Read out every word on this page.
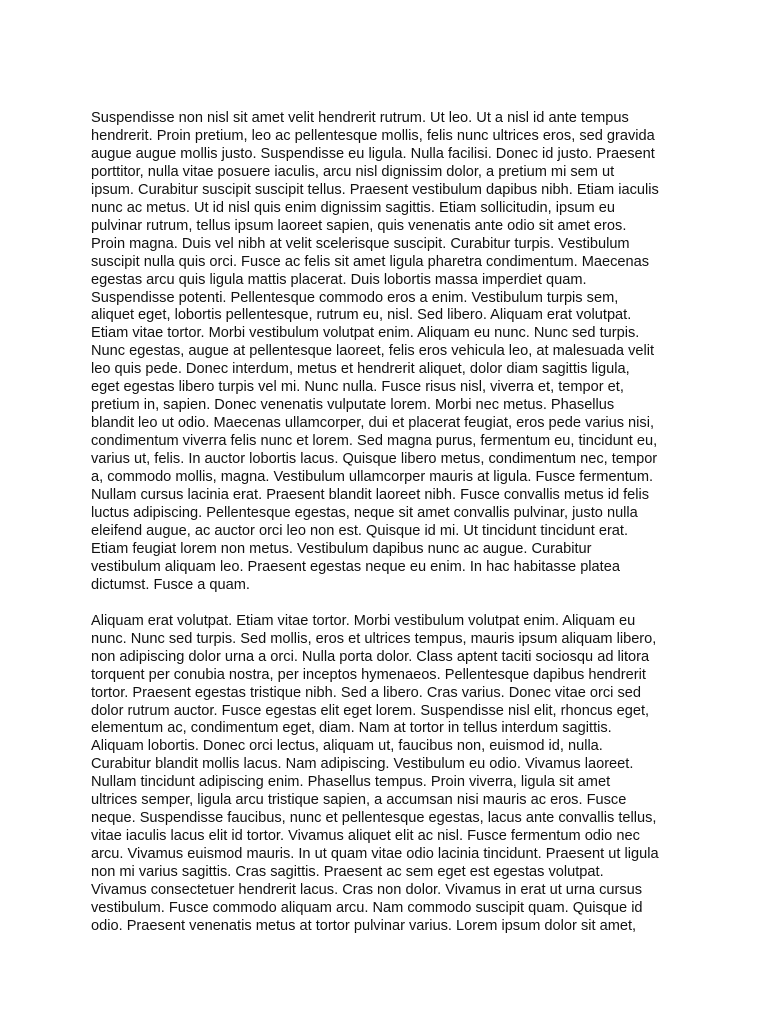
Suspendisse non nisl sit amet velit hendrerit rutrum. Ut leo. Ut a nisl id ante tempus
hendrerit. Proin pretium, leo ac pellentesque mollis, felis nunc ultrices eros, sed gravida
augue augue mollis justo. Suspendisse eu ligula. Nulla facilisi. Donec id justo. Praesent
porttitor, nulla vitae posuere iaculis, arcu nisl dignissim dolor, a pretium mi sem ut
ipsum. Curabitur suscipit suscipit tellus. Praesent vestibulum dapibus nibh. Etiam iaculis
nunc ac metus. Ut id nisl quis enim dignissim sagittis. Etiam sollicitudin, ipsum eu
pulvinar rutrum, tellus ipsum laoreet sapien, quis venenatis ante odio sit amet eros.
Proin magna. Duis vel nibh at velit scelerisque suscipit. Curabitur turpis. Vestibulum
suscipit nulla quis orci. Fusce ac felis sit amet ligula pharetra condimentum. Maecenas
egestas arcu quis ligula mattis placerat. Duis lobortis massa imperdiet quam.
Suspendisse potenti. Pellentesque commodo eros a enim. Vestibulum turpis sem,
aliquet eget, lobortis pellentesque, rutrum eu, nisl. Sed libero. Aliquam erat volutpat.
Etiam vitae tortor. Morbi vestibulum volutpat enim. Aliquam eu nunc. Nunc sed turpis.
Nunc egestas, augue at pellentesque laoreet, felis eros vehicula leo, at malesuada velit
leo quis pede. Donec interdum, metus et hendrerit aliquet, dolor diam sagittis ligula,
eget egestas libero turpis vel mi. Nunc nulla. Fusce risus nisl, viverra et, tempor et,
pretium in, sapien. Donec venenatis vulputate lorem. Morbi nec metus. Phasellus
blandit leo ut odio. Maecenas ullamcorper, dui et placerat feugiat, eros pede varius nisi,
condimentum viverra felis nunc et lorem. Sed magna purus, fermentum eu, tincidunt eu,
varius ut, felis. In auctor lobortis lacus. Quisque libero metus, condimentum nec, tempor
a, commodo mollis, magna. Vestibulum ullamcorper mauris at ligula. Fusce fermentum.
Nullam cursus lacinia erat. Praesent blandit laoreet nibh. Fusce convallis metus id felis
luctus adipiscing. Pellentesque egestas, neque sit amet convallis pulvinar, justo nulla
eleifend augue, ac auctor orci leo non est. Quisque id mi. Ut tincidunt tincidunt erat.
Etiam feugiat lorem non metus. Vestibulum dapibus nunc ac augue. Curabitur
vestibulum aliquam leo. Praesent egestas neque eu enim. In hac habitasse platea
dictumst. Fusce a quam.

Aliquam erat volutpat. Etiam vitae tortor. Morbi vestibulum volutpat enim. Aliquam eu
nunc. Nunc sed turpis. Sed mollis, eros et ultrices tempus, mauris ipsum aliquam libero,
non adipiscing dolor urna a orci. Nulla porta dolor. Class aptent taciti sociosqu ad litora
torquent per conubia nostra, per inceptos hymenaeos. Pellentesque dapibus hendrerit
tortor. Praesent egestas tristique nibh. Sed a libero. Cras varius. Donec vitae orci sed
dolor rutrum auctor. Fusce egestas elit eget lorem. Suspendisse nisl elit, rhoncus eget,
elementum ac, condimentum eget, diam. Nam at tortor in tellus interdum sagittis.
Aliquam lobortis. Donec orci lectus, aliquam ut, faucibus non, euismod id, nulla.
Curabitur blandit mollis lacus. Nam adipiscing. Vestibulum eu odio. Vivamus laoreet.
Nullam tincidunt adipiscing enim. Phasellus tempus. Proin viverra, ligula sit amet
ultrices semper, ligula arcu tristique sapien, a accumsan nisi mauris ac eros. Fusce
neque. Suspendisse faucibus, nunc et pellentesque egestas, lacus ante convallis tellus,
vitae iaculis lacus elit id tortor. Vivamus aliquet elit ac nisl. Fusce fermentum odio nec
arcu. Vivamus euismod mauris. In ut quam vitae odio lacinia tincidunt. Praesent ut ligula
non mi varius sagittis. Cras sagittis. Praesent ac sem eget est egestas volutpat.
Vivamus consectetuer hendrerit lacus. Cras non dolor. Vivamus in erat ut urna cursus
vestibulum. Fusce commodo aliquam arcu. Nam commodo suscipit quam. Quisque id
odio. Praesent venenatis metus at tortor pulvinar varius. Lorem ipsum dolor sit amet,
